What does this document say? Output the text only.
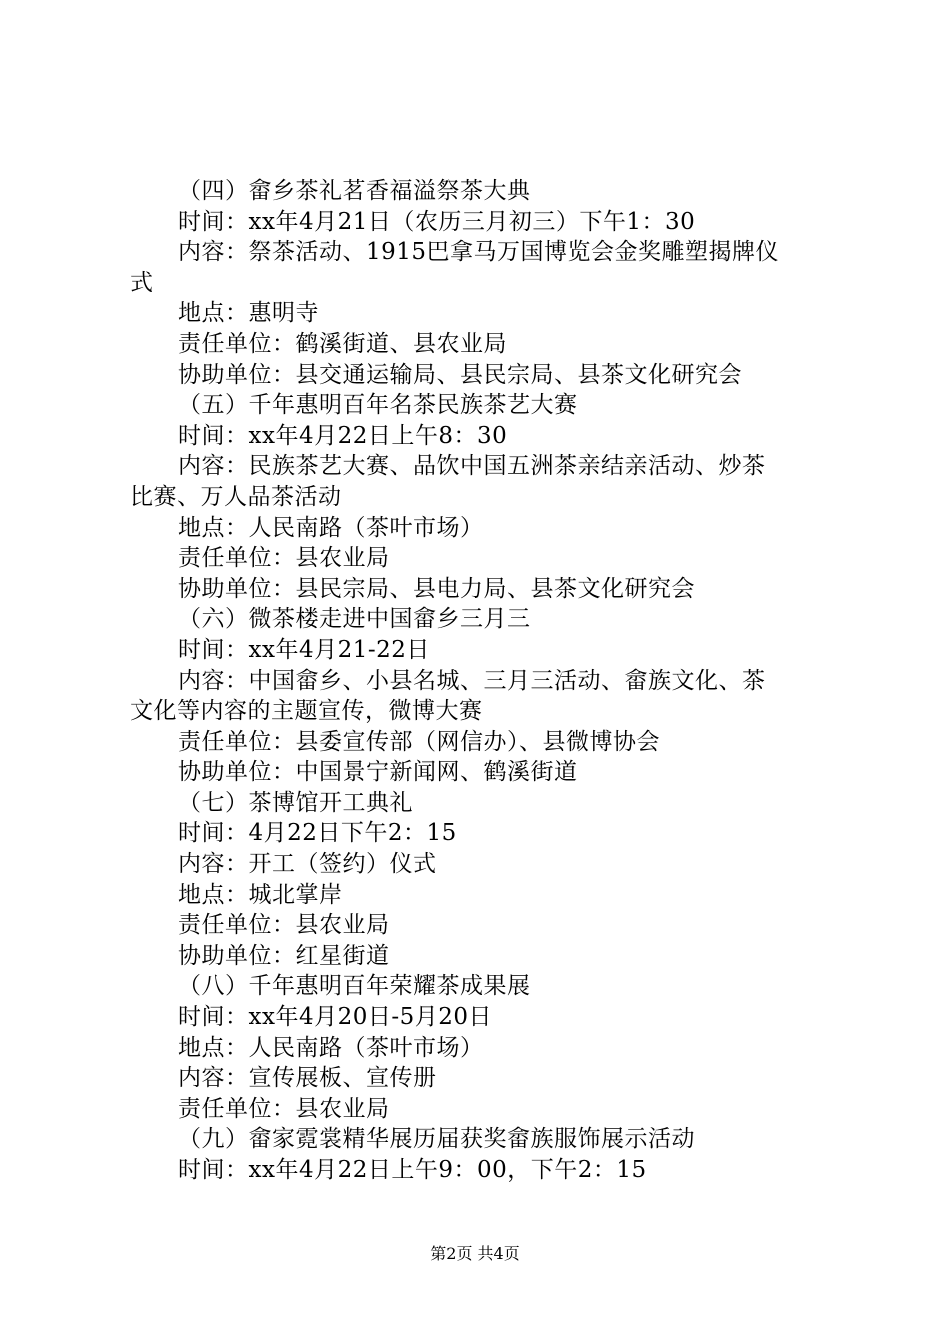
（四）畲乡茶礼茗香福溢祭茶大典
时间：xx年4月21日（农历三月初三）下午1：30
内容：祭茶活动、1915巴拿马万国博览会金奖雕塑揭牌仪
式
地点：惠明寺
责任单位：鹤溪街道、县农业局
协助单位：县交通运输局、县民宗局、县茶文化研究会
（五）千年惠明百年名茶民族茶艺大赛
时间：xx年4月22日上午8：30
内容：民族茶艺大赛、品饮中国五洲茶亲结亲活动、炒茶
比赛、万人品茶活动
地点：人民南路（茶叶市场）
责任单位：县农业局
协助单位：县民宗局、县电力局、县茶文化研究会
（六）微茶楼走进中国畲乡三月三
时间：xx年4月21-22日
内容：中国畲乡、小县名城、三月三活动、畲族文化、茶
文化等内容的主题宣传，微博大赛
责任单位：县委宣传部（网信办）、县微博协会
协助单位：中国景宁新闻网、鹤溪街道
（七）茶博馆开工典礼
时间：4月22日下午2：15
内容：开工（签约）仪式
地点：城北掌岸
责任单位：县农业局
协助单位：红星街道
（八）千年惠明百年荣耀茶成果展
时间：xx年4月20日-5月20日
地点：人民南路（茶叶市场）
内容：宣传展板、宣传册
责任单位：县农业局
（九）畲家霓裳精华展历届获奖畲族服饰展示活动
时间：xx年4月22日上午9：00，下午2：15
第2页 共4页
